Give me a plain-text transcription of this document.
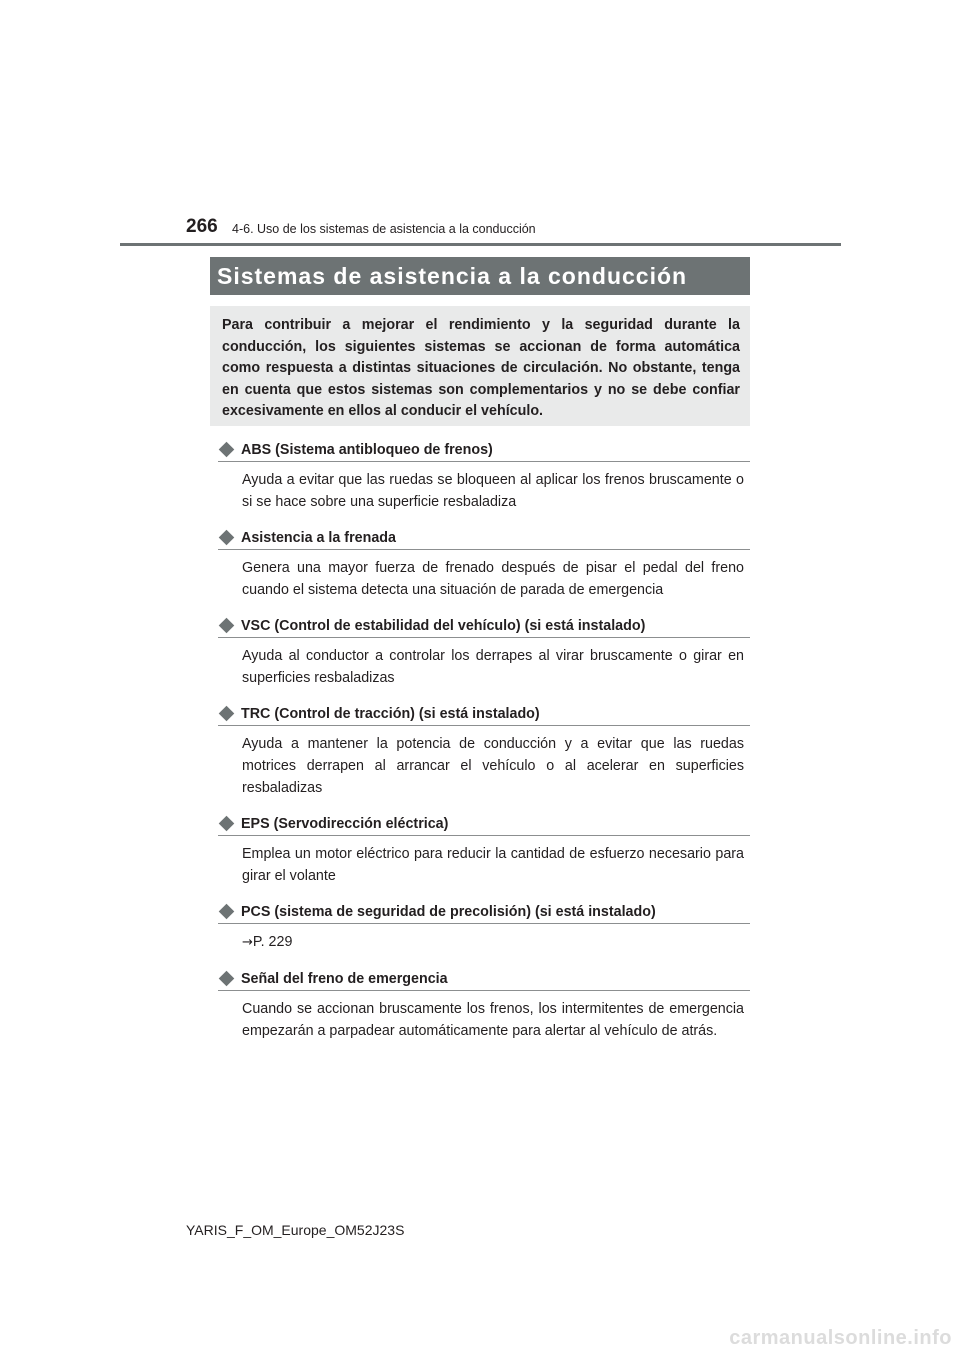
266 4-6. Uso de los sistemas de asistencia a la conducción
Sistemas de asistencia a la conducción

Para contribuir a mejorar el rendimiento y la seguridad durante la conducción, los siguientes sistemas se accionan de forma automática como respuesta a distintas situaciones de circulación. No obstante, tenga en cuenta que estos sistemas son complementarios y no se debe confiar excesivamente en ellos al conducir el vehículo.

ABS (Sistema antibloqueo de frenos)
Ayuda a evitar que las ruedas se bloqueen al aplicar los frenos bruscamente o si se hace sobre una superficie resbaladiza
Asistencia a la frenada
Genera una mayor fuerza de frenado después de pisar el pedal del freno cuando el sistema detecta una situación de parada de emergencia
VSC (Control de estabilidad del vehículo) (si está instalado)
Ayuda al conductor a controlar los derrapes al virar bruscamente o girar en superficies resbaladizas
TRC (Control de tracción) (si está instalado)
Ayuda a mantener la potencia de conducción y a evitar que las ruedas motrices derrapen al arrancar el vehículo o al acelerar en superficies resbaladizas
EPS (Servodirección eléctrica)
Emplea un motor eléctrico para reducir la cantidad de esfuerzo necesario para girar el volante
PCS (sistema de seguridad de precolisión) (si está instalado)
→P. 229
Señal del freno de emergencia
Cuando se accionan bruscamente los frenos, los intermitentes de emergencia empezarán a parpadear automáticamente para alertar al vehículo de atrás.
YARIS_F_OM_Europe_OM52J23S
carmanualsonline.info
